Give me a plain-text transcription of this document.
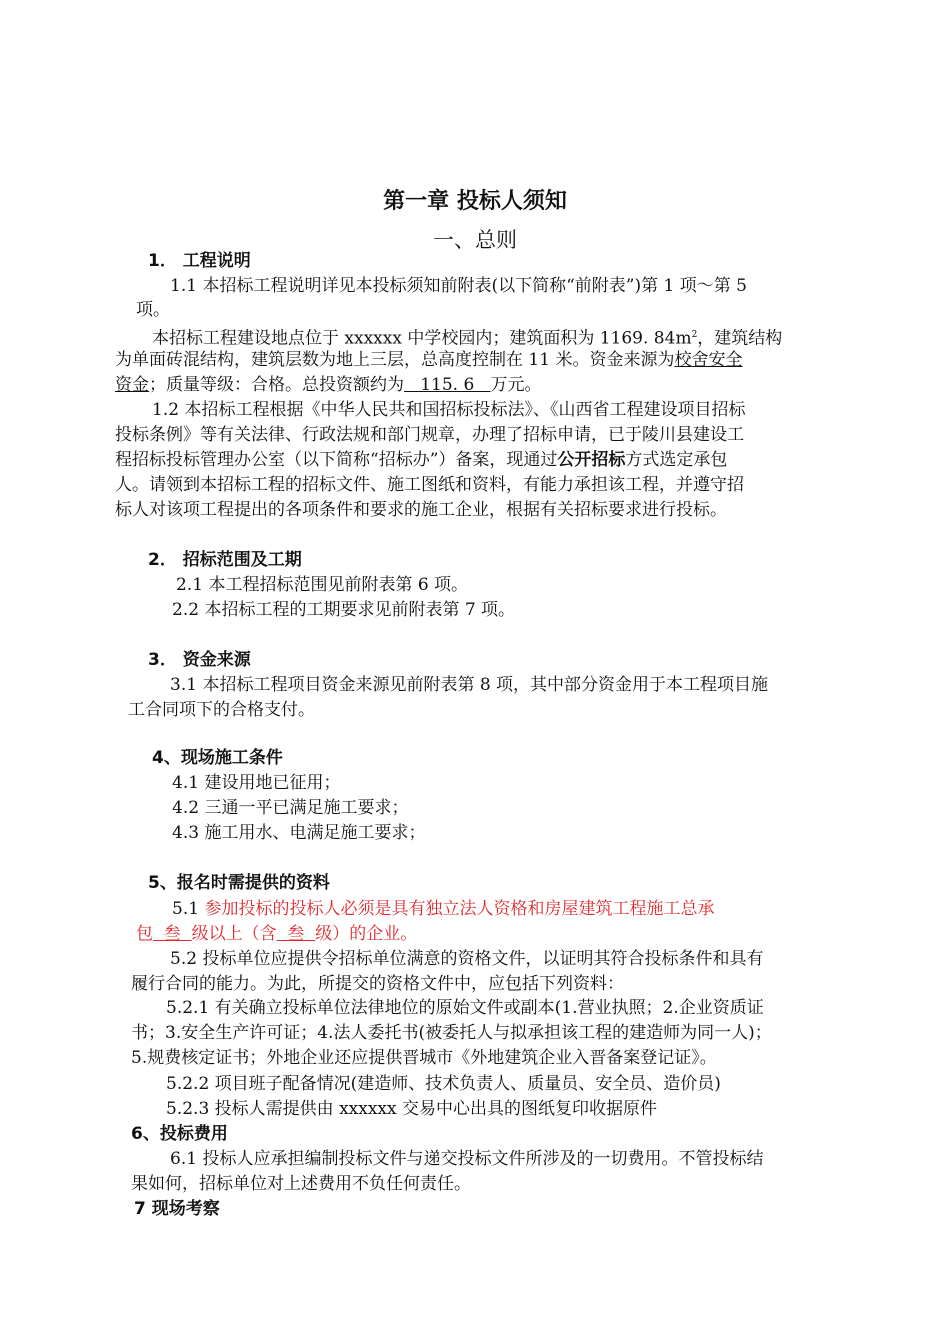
第一章 投标人须知
一、总则
1． 工程说明
1.1 本招标工程说明详见本投标须知前附表(以下简称“前附表”)第 1 项～第 5
项。
本招标工程建设地点位于 xxxxxx 中学校园内；建筑面积为 1169. $84m^2$，建筑结构
为单面砖混结构，建筑层数为地上三层，总高度控制在 11 米。资金来源为校舍安全
资金；质量等级：合格。总投资额约为   115. 6   万元。
1.2 本招标工程根据《中华人民共和国招标投标法》、《山西省工程建设项目招标
投标条例》等有关法律、行政法规和部门规章，办理了招标申请，已于陵川县建设工
程招标投标管理办公室（以下简称“招标办”）备案，现通过公开招标方式选定承包
人。请领到本招标工程的招标文件、施工图纸和资料，有能力承担该工程，并遵守招
标人对该项工程提出的各项条件和要求的施工企业，根据有关招标要求进行投标。
2． 招标范围及工期
2.1 本工程招标范围见前附表第 6 项。
2.2 本招标工程的工期要求见前附表第 7 项。
3． 资金来源
3.1 本招标工程项目资金来源见前附表第 8 项，其中部分资金用于本工程项目施
工合同项下的合格支付。
4、现场施工条件
4.1 建设用地已征用；
4.2 三通一平已满足施工要求；
4.3 施工用水、电满足施工要求；
5、报名时需提供的资料
5.1 参加投标的投标人必须是具有独立法人资格和房屋建筑工程施工总承
包  叁  级以上（含  叁  级）的企业。
5.2 投标单位应提供令招标单位满意的资格文件，以证明其符合投标条件和具有
履行合同的能力。为此，所提交的资格文件中，应包括下列资料：
5.2.1 有关确立投标单位法律地位的原始文件或副本(1.营业执照；2.企业资质证
书；3.安全生产许可证；4.法人委托书(被委托人与拟承担该工程的建造师为同一人)；
5.规费核定证书；外地企业还应提供晋城市《外地建筑企业入晋备案登记证》。
5.2.2 项目班子配备情况(建造师、技术负责人、质量员、安全员、造价员)
5.2.3 投标人需提供由 xxxxxx 交易中心出具的图纸复印收据原件
6、投标费用
6.1 投标人应承担编制投标文件与递交投标文件所涉及的一切费用。不管投标结
果如何，招标单位对上述费用不负任何责任。
7 现场考察
